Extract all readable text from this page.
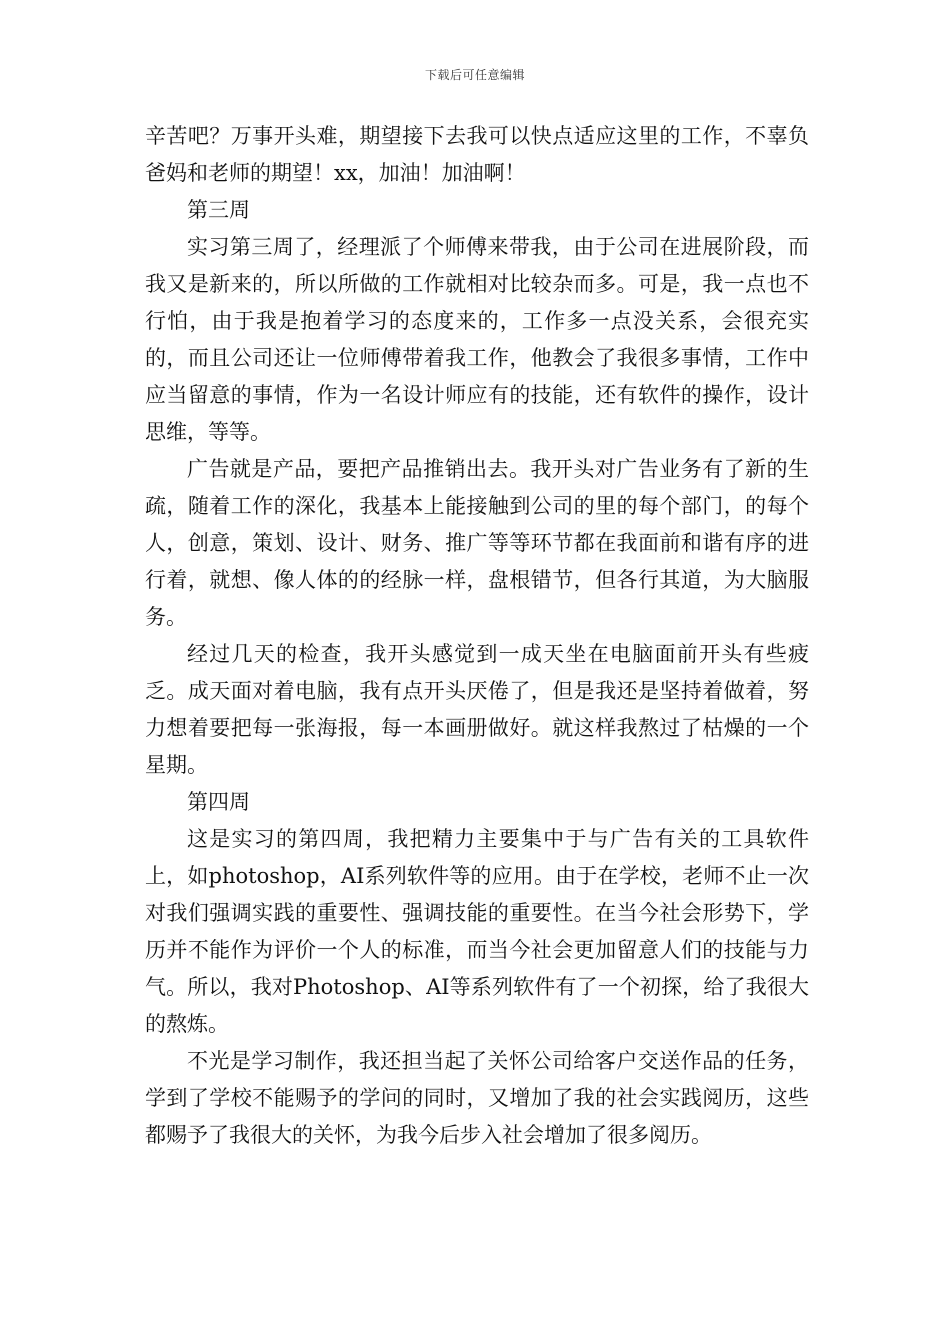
下载后可任意编辑

辛苦吧？万事开头难，期望接下去我可以快点适应这里的工作，不辜负爸妈和老师的期望！xx，加油！加油啊！

第三周

实习第三周了，经理派了个师傅来带我，由于公司在进展阶段，而我又是新来的，所以所做的工作就相对比较杂而多。可是，我一点也不行怕，由于我是抱着学习的态度来的，工作多一点没关系，会很充实的，而且公司还让一位师傅带着我工作，他教会了我很多事情，工作中应当留意的事情，作为一名设计师应有的技能，还有软件的操作，设计思维，等等。

广告就是产品，要把产品推销出去。我开头对广告业务有了新的生疏，随着工作的深化，我基本上能接触到公司的里的每个部门，的每个人，创意，策划、设计、财务、推广等等环节都在我面前和谐有序的进行着，就想、像人体的的经脉一样，盘根错节，但各行其道，为大脑服务。

经过几天的检查，我开头感觉到一成天坐在电脑面前开头有些疲乏。成天面对着电脑，我有点开头厌倦了，但是我还是坚持着做着，努力想着要把每一张海报，每一本画册做好。就这样我熬过了枯燥的一个星期。

第四周

这是实习的第四周，我把精力主要集中于与广告有关的工具软件上，如photoshop，AI系列软件等的应用。由于在学校，老师不止一次对我们强调实践的重要性、强调技能的重要性。在当今社会形势下，学历并不能作为评价一个人的标准，而当今社会更加留意人们的技能与力气。所以，我对Photoshop、AI等系列软件有了一个初探，给了我很大的熬炼。

不光是学习制作，我还担当起了关怀公司给客户交送作品的任务，学到了学校不能赐予的学问的同时，又增加了我的社会实践阅历，这些都赐予了我很大的关怀，为我今后步入社会增加了很多阅历。
